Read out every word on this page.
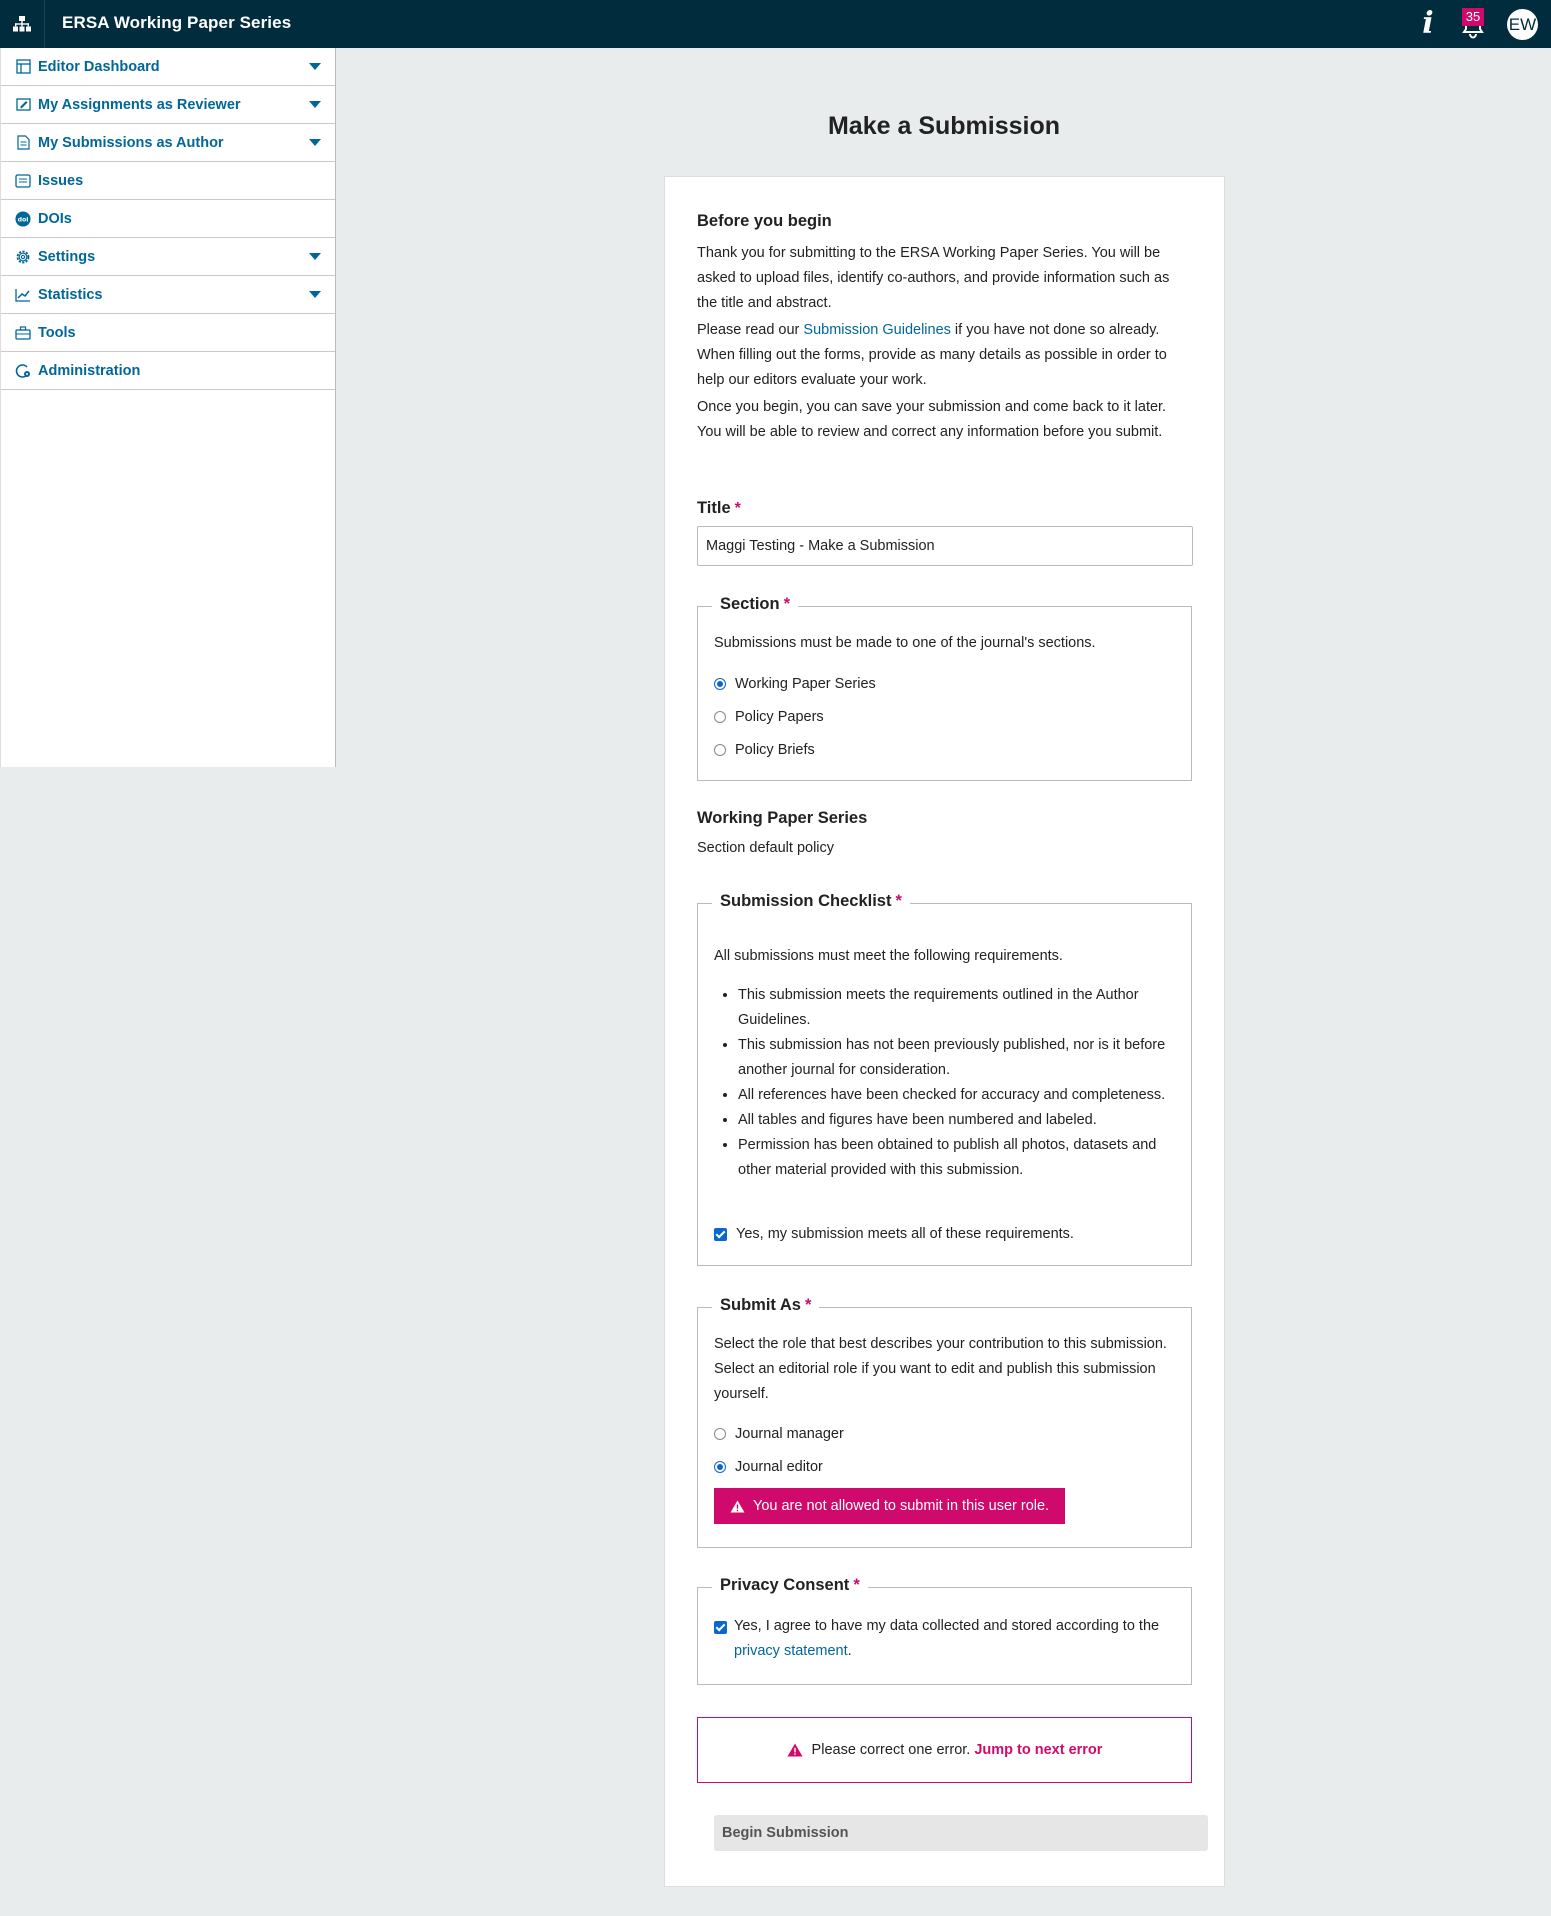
ERSA Working Paper Series	i	35 EW
Editor Dashboard
My Assignments as Reviewer
My Submissions as Author
Issues
doi DOIs
Settings
Statistics
Tools
Administration
Make a Submission
Before you begin

Thank you for submitting to the ERSA Working Paper Series. You will be asked to upload files, identify co-authors, and provide information such as the title and abstract.

Please read our Submission Guidelines if you have not done so already. When filling out the forms, provide as many details as possible in order to help our editors evaluate your work.

Once you begin, you can save your submission and come back to it later. You will be able to review and correct any information before you submit.

Title *
Maggi Testing - Make a Submission
Section *

Submissions must be made to one of the journal's sections.

Working Paper Series
Policy Papers
Policy Briefs
Working Paper Series

Section default policy

Submission Checklist *

All submissions must meet the following requirements.

• This submission meets the requirements outlined in the Author Guidelines.
• This submission has not been previously published, nor is it before another journal for consideration.
• All references have been checked for accuracy and completeness.
• All tables and figures have been numbered and labeled.
• Permission has been obtained to publish all photos, datasets and other material provided with this submission.
Yes, my submission meets all of these requirements.
Submit As *

Select the role that best describes your contribution to this submission. Select an editorial role if you want to edit and publish this submission yourself.

Journal manager
Journal editor
You are not allowed to submit in this user role.
Privacy Consent *
Yes, I agree to have my data collected and stored according to the
privacy statement.
Please correct one error. Jump to next error
Begin Submission
